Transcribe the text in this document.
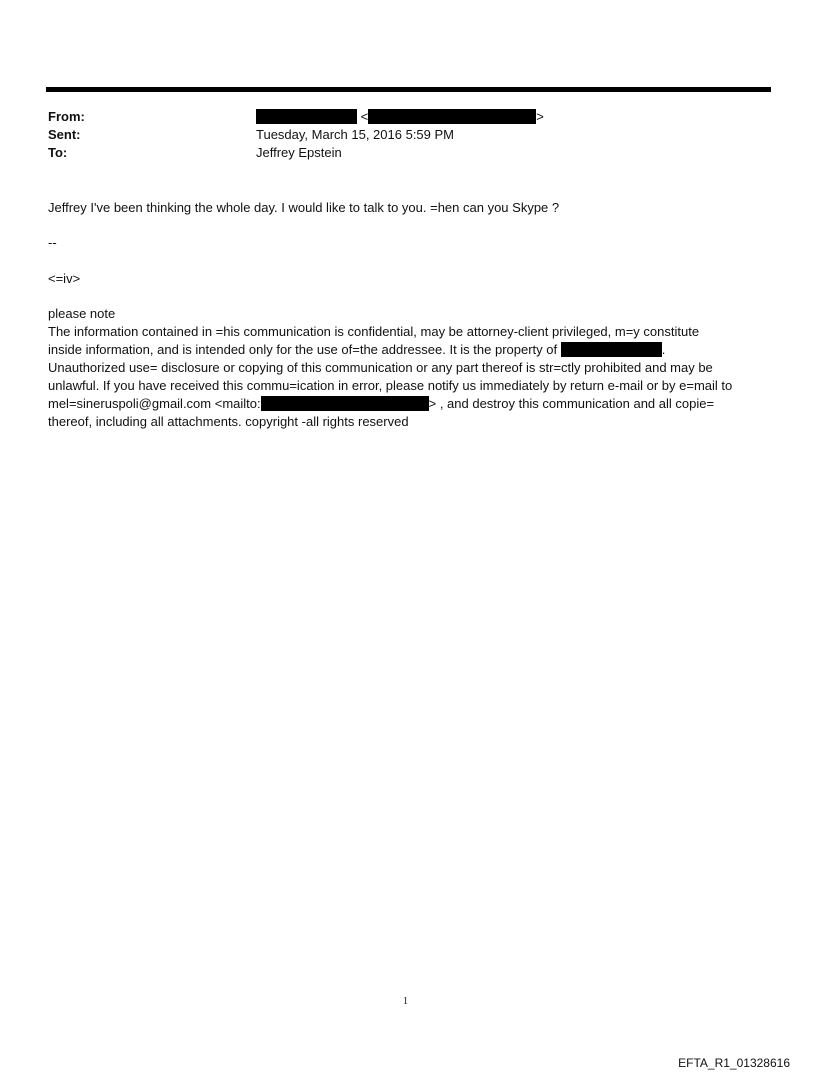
From:	<	>
Sent:	Tuesday, March 15, 2016 5:59 PM
To:	Jeffrey Epstein
Jeffrey I've been thinking the whole day. I would like to talk to you. =hen can you Skype ?
--
<=iv>
please note
The information contained in =his communication is confidential, may be attorney-client privileged, m=y constitute
inside information, and is intended only for the use of=the addressee. It is the property of	.
Unauthorized use= disclosure or copying of this communication or any part thereof is str=ctly prohibited and may be
unlawful. If you have received this commu=ication in error, please notify us immediately by return e-mail or by e=mail to
mel=sineruspoli@gmail.com <mailto:	> , and destroy this communication and all copie=
thereof, including all attachments. copyright -all rights reserved
1
EFTA_R1_01328616
